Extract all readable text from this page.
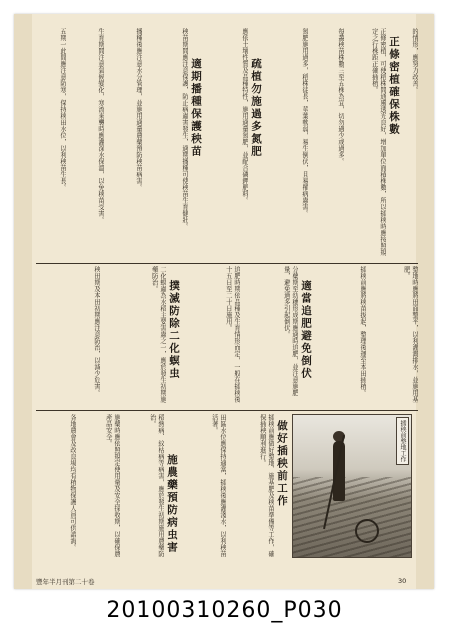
的情形，應努力改善。
正條密植確保株數
正條密植，可使稻株間通風透光良好，增加單位面積株數，所以插秧時應按照規定之行株距正確插植。
每叢秧苗株數三至五株為宜，切勿過少或過多。
氮肥施用過多，稻株徒長，莖葉軟弱，易生倒伏，且易罹病蟲害。
疏植勿施過多氮肥
應依土壤性質及品種特性，施用適量氮肥，並配合磷鉀肥料。
適期播種保護秧苗
秧苗期間應注意保護，防止病蟲害發生，適期播種可使秧苗生育健壯。
播種後應注意水分管理，並施用適量農藥預防秧苗病害。
生育期間注意氣候變化，寒流來襲時應灌深水保溫，以免秧苗受害。
五期一此間應注意防寒，保持秧田水位，以利秧苗生長。
整地時應將田面整平，以利灌溉排水，並施用基肥。
插秧前應將秧苗拔起，整理後運至本田插植。
適當追肥避免倒伏
分蘗期至幼穗形成期應適時追肥，並注意施肥量，避免過多引起倒伏。
追肥時期依品種及生育情形而定，一般在插秧後十五日至二十日施用。
撲滅防除二化螟虫
二化螟蟲為水稻主要害蟲之一，應於發生初期施藥防治。
秧田期及本田初期應注意防治，以減少危害。
插秧前整地工作
做好插秧前工作
插秧前應做好整地、施基肥及秧苗準備等工作，確保插秧順利進行。
田區水位應保持適當，插秧後應灌淺水，以利秧苗活著。
施農藥預防病虫害
稻熱病、紋枯病等病害，應於發生初期施用農藥防治。
施藥時應依照規定使用量及安全採收期，以確保農產品安全。
各地農會及改良場均有植物保護人員可供諮詢。
豐年半月刊第二十卷	30
20100310260_P030
